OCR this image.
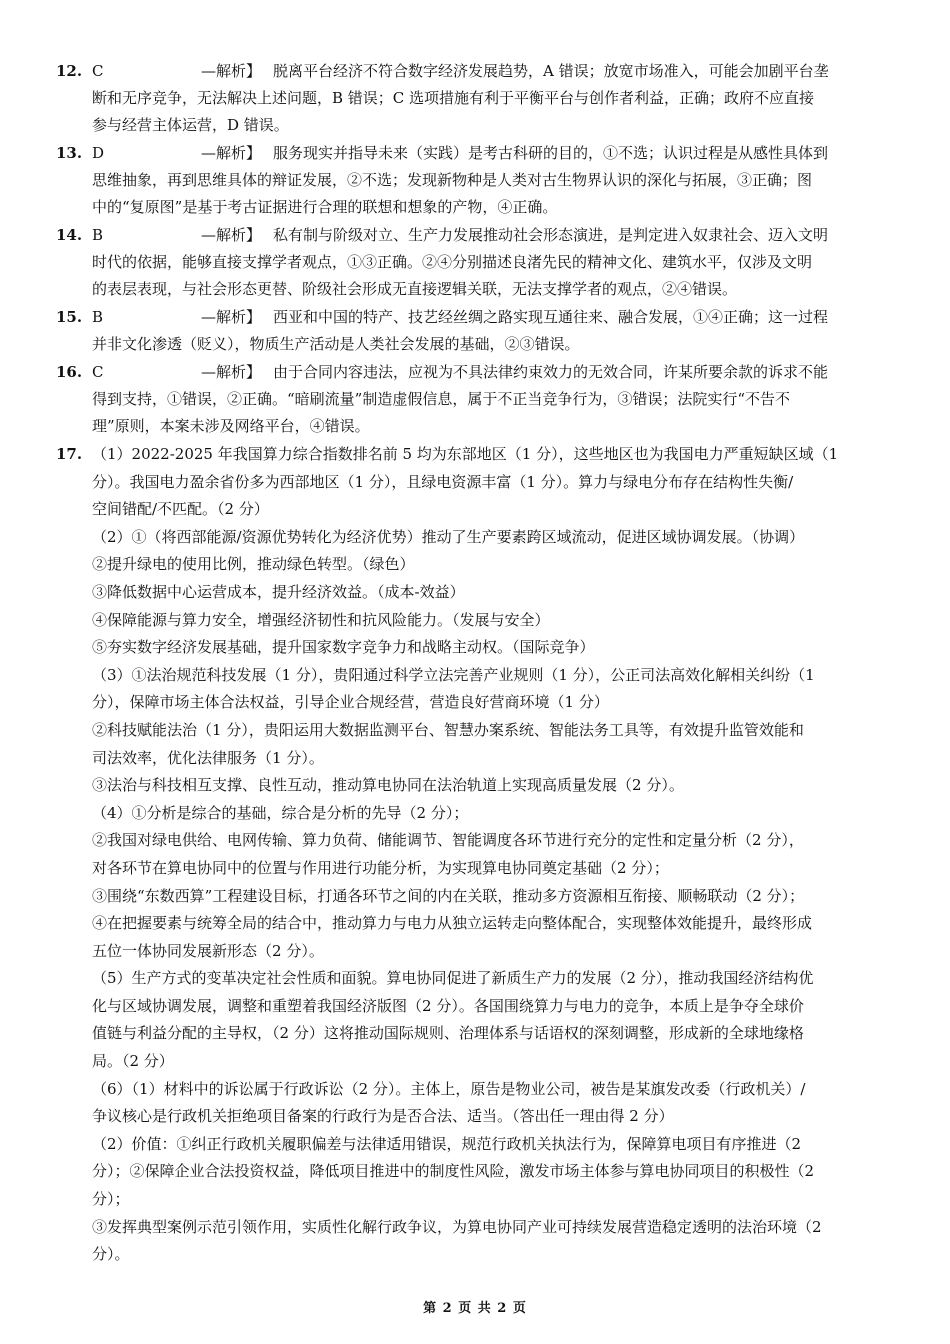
12. C	—解析】 脱离平台经济不符合数字经济发展趋势，A 错误；放宽市场准入，可能会加剧平台垄
断和无序竞争，无法解决上述问题，B 错误；C 选项措施有利于平衡平台与创作者利益，正确；政府不应直接
参与经营主体运营，D 错误。
13. D	—解析】 服务现实并指导未来（实践）是考古科研的目的，①不选；认识过程是从感性具体到
思维抽象，再到思维具体的辩证发展，②不选；发现新物种是人类对古生物界认识的深化与拓展，③正确；图
中的“复原图”是基于考古证据进行合理的联想和想象的产物，④正确。
14. B	—解析】 私有制与阶级对立、生产力发展推动社会形态演进，是判定进入奴隶社会、迈入文明
时代的依据，能够直接支撑学者观点，①③正确。②④分别描述良渚先民的精神文化、建筑水平，仅涉及文明
的表层表现，与社会形态更替、阶级社会形成无直接逻辑关联，无法支撑学者的观点，②④错误。
15. B	—解析】 西亚和中国的特产、技艺经丝绸之路实现互通往来、融合发展，①④正确；这一过程
并非文化渗透（贬义），物质生产活动是人类社会发展的基础，②③错误。
16. C	—解析】 由于合同内容违法，应视为不具法律约束效力的无效合同，许某所要余款的诉求不能
得到支持，①错误，②正确。“暗刷流量”制造虚假信息，属于不正当竞争行为，③错误；法院实行“不告不
理”原则，本案未涉及网络平台，④错误。
17. （1）2022-2025 年我国算力综合指数排名前 5 均为东部地区（1 分），这些地区也为我国电力严重短缺区域（1

分）。我国电力盈余省份多为西部地区（1 分），且绿电资源丰富（1 分）。算力与绿电分布存在结构性失衡/

空间错配/不匹配。（2 分）

（2）①（将西部能源/资源优势转化为经济优势）推动了生产要素跨区域流动，促进区域协调发展。（协调）

②提升绿电的使用比例，推动绿色转型。（绿色）

③降低数据中心运营成本，提升经济效益。（成本-效益）

④保障能源与算力安全，增强经济韧性和抗风险能力。（发展与安全）

⑤夯实数字经济发展基础，提升国家数字竞争力和战略主动权。（国际竞争）

（3）①法治规范科技发展（1 分），贵阳通过科学立法完善产业规则（1 分），公正司法高效化解相关纠纷（1

分），保障市场主体合法权益，引导企业合规经营，营造良好营商环境（1 分）

②科技赋能法治（1 分），贵阳运用大数据监测平台、智慧办案系统、智能法务工具等，有效提升监管效能和

司法效率，优化法律服务（1 分）。

③法治与科技相互支撑、良性互动，推动算电协同在法治轨道上实现高质量发展（2 分）。

（4）①分析是综合的基础，综合是分析的先导（2 分）；

②我国对绿电供给、电网传输、算力负荷、储能调节、智能调度各环节进行充分的定性和定量分析（2 分），

对各环节在算电协同中的位置与作用进行功能分析，为实现算电协同奠定基础（2 分）；

③围绕“东数西算”工程建设目标，打通各环节之间的内在关联，推动多方资源相互衔接、顺畅联动（2 分）；

④在把握要素与统筹全局的结合中，推动算力与电力从独立运转走向整体配合，实现整体效能提升，最终形成

五位一体协同发展新形态（2 分）。

（5）生产方式的变革决定社会性质和面貌。算电协同促进了新质生产力的发展（2 分），推动我国经济结构优

化与区域协调发展，调整和重塑着我国经济版图（2 分）。各国围绕算力与电力的竞争，本质上是争夺全球价

值链与利益分配的主导权，（2 分）这将推动国际规则、治理体系与话语权的深刻调整，形成新的全球地缘格

局。（2 分）

（6）（1）材料中的诉讼属于行政诉讼（2 分）。主体上，原告是物业公司，被告是某旗发改委（行政机关）/

争议核心是行政机关拒绝项目备案的行政行为是否合法、适当。（答出任一理由得 2 分）

（2）价值：①纠正行政机关履职偏差与法律适用错误，规范行政机关执法行为，保障算电项目有序推进（2

分）；②保障企业合法投资权益，降低项目推进中的制度性风险，激发市场主体参与算电协同项目的积极性（2

分）；

③发挥典型案例示范引领作用，实质性化解行政争议，为算电协同产业可持续发展营造稳定透明的法治环境（2

分）。

第 2 页 共 2 页
